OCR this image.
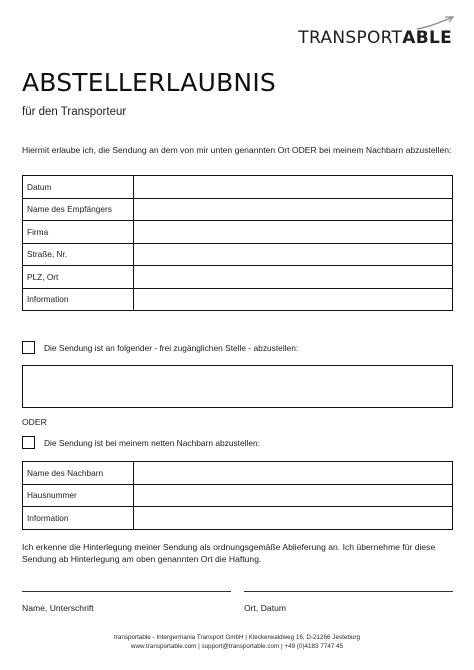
TRANSPORTABLE
ABSTELLERLAUBNIS
für den Transporteur
Hiermit erlaube ich, die Sendung an dem von mir unten genannten Ort ODER bei meinem Nachbarn abzustellen:
Datum	
Name des Empfängers	
Firma	
Straße, Nr.	
PLZ, Ort	
Information	
Die Sendung ist an folgender - frei zugänglichen Stelle - abzustellen:
ODER
Die Sendung ist bei meinem netten Nachbarn abzustellen:
Name des Nachbarn	
Hausnummer	
Information	
Ich erkenne die Hinterlegung meiner Sendung als ordnungsgemäße Ablieferung an. Ich übernehme für diese Sendung ab Hinterlegung am oben genannten Ort die Haftung.
Name, Unterschrift	Ort, Datum
transportable - Intergermania Transport GmbH | Kleckerwaldweg 16, D-21266 Jesteburg
www.transportable.com | support@transportable.com | +49 (0)4183 7747 45
